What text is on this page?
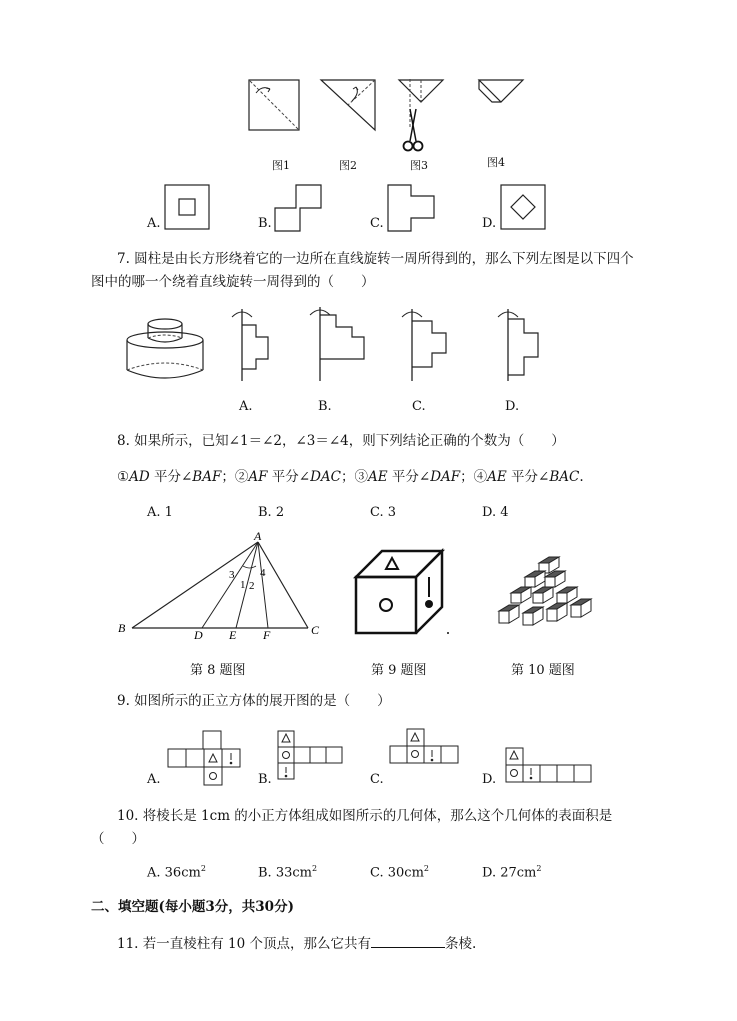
图1	图2	图3	图4
A.	B.	C.	D.
7. 圆柱是由长方形绕着它的一边所在直线旋转一周所得到的，那么下列左图是以下四个
图中的哪一个绕着直线旋转一周得到的（　　）
A.	B.	C.	D.
8. 如果所示，已知∠1＝∠2，∠3＝∠4，则下列结论正确的个数为（　　）
①AD 平分∠BAF；②AF 平分∠DAC；③AE 平分∠DAF；④AE 平分∠BAC.
A. 1	B. 2	C. 3	D. 4
A
B	C
D E F
3
1 2
4
第 8 题图	第 9 题图	第 10 题图
9. 如图所示的正立方体的展开图的是（　　）
A.	B.	C.	D.
10. 将棱长是 1cm 的小正方体组成如图所示的几何体，那么这个几何体的表面积是
（　　）
A. $36cm^2$	B. $33cm^2$	C. $30cm^2$	D. $27cm^2$
二、填空题(每小题3分，共30分)
11. 若一直棱柱有 10 个顶点，那么它共有	条棱.
